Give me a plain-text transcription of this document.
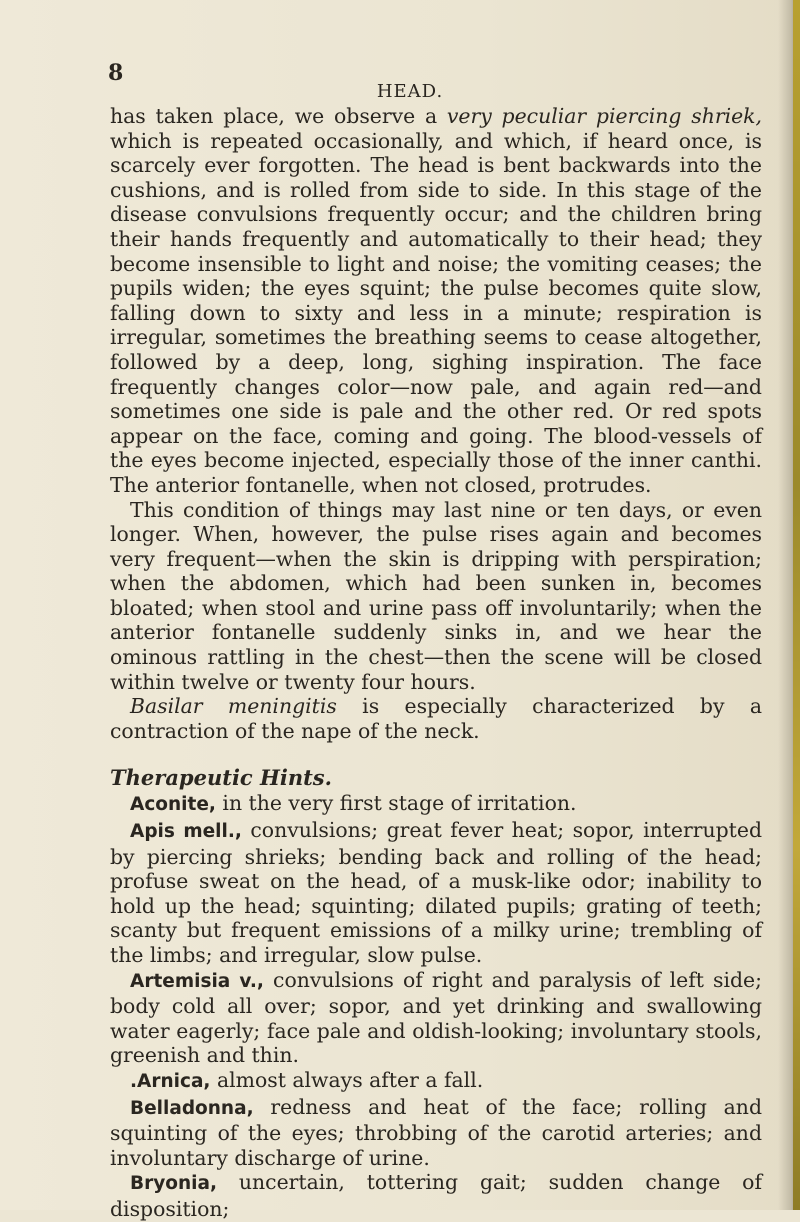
8
HEAD.

has taken place, we observe a very peculiar piercing shriek, which is repeated occasionally, and which, if heard once, is scarcely ever forgotten. The head is bent backwards into the cushions, and is rolled from side to side. In this stage of the disease convulsions frequently occur; and the children bring their hands frequently and automatically to their head; they become insensible to light and noise; the vomiting ceases; the pupils widen; the eyes squint; the pulse becomes quite slow, falling down to sixty and less in a minute; respiration is irregular, sometimes the breathing seems to cease altogether, followed by a deep, long, sighing inspiration. The face frequently changes color—now pale, and again red—and sometimes one side is pale and the other red. Or red spots appear on the face, coming and going. The blood-vessels of the eyes become injected, especially those of the inner canthi. The anterior fontanelle, when not closed, protrudes.

This condition of things may last nine or ten days, or even longer. When, however, the pulse rises again and becomes very frequent—when the skin is dripping with perspiration; when the abdomen, which had been sunken in, becomes bloated; when stool and urine pass off involuntarily; when the anterior fontanelle suddenly sinks in, and we hear the ominous rattling in the chest—then the scene will be closed within twelve or twenty four hours.

Basilar meningitis is especially characterized by a contraction of the nape of the neck.

Therapeutic Hints.

Aconite, in the very first stage of irritation.

Apis mell., convulsions; great fever heat; sopor, interrupted by piercing shrieks; bending back and rolling of the head; profuse sweat on the head, of a musk-like odor; inability to hold up the head; squinting; dilated pupils; grating of teeth; scanty but frequent emissions of a milky urine; trembling of the limbs; and irregular, slow pulse.

Artemisia v., convulsions of right and paralysis of left side; body cold all over; sopor, and yet drinking and swallowing water eagerly; face pale and oldish-looking; involuntary stools, greenish and thin.

.Arnica, almost always after a fall.

Belladonna, redness and heat of the face; rolling and squinting of the eyes; throbbing of the carotid arteries; and involuntary discharge of urine.

Bryonia, uncertain, tottering gait; sudden change of disposition;
